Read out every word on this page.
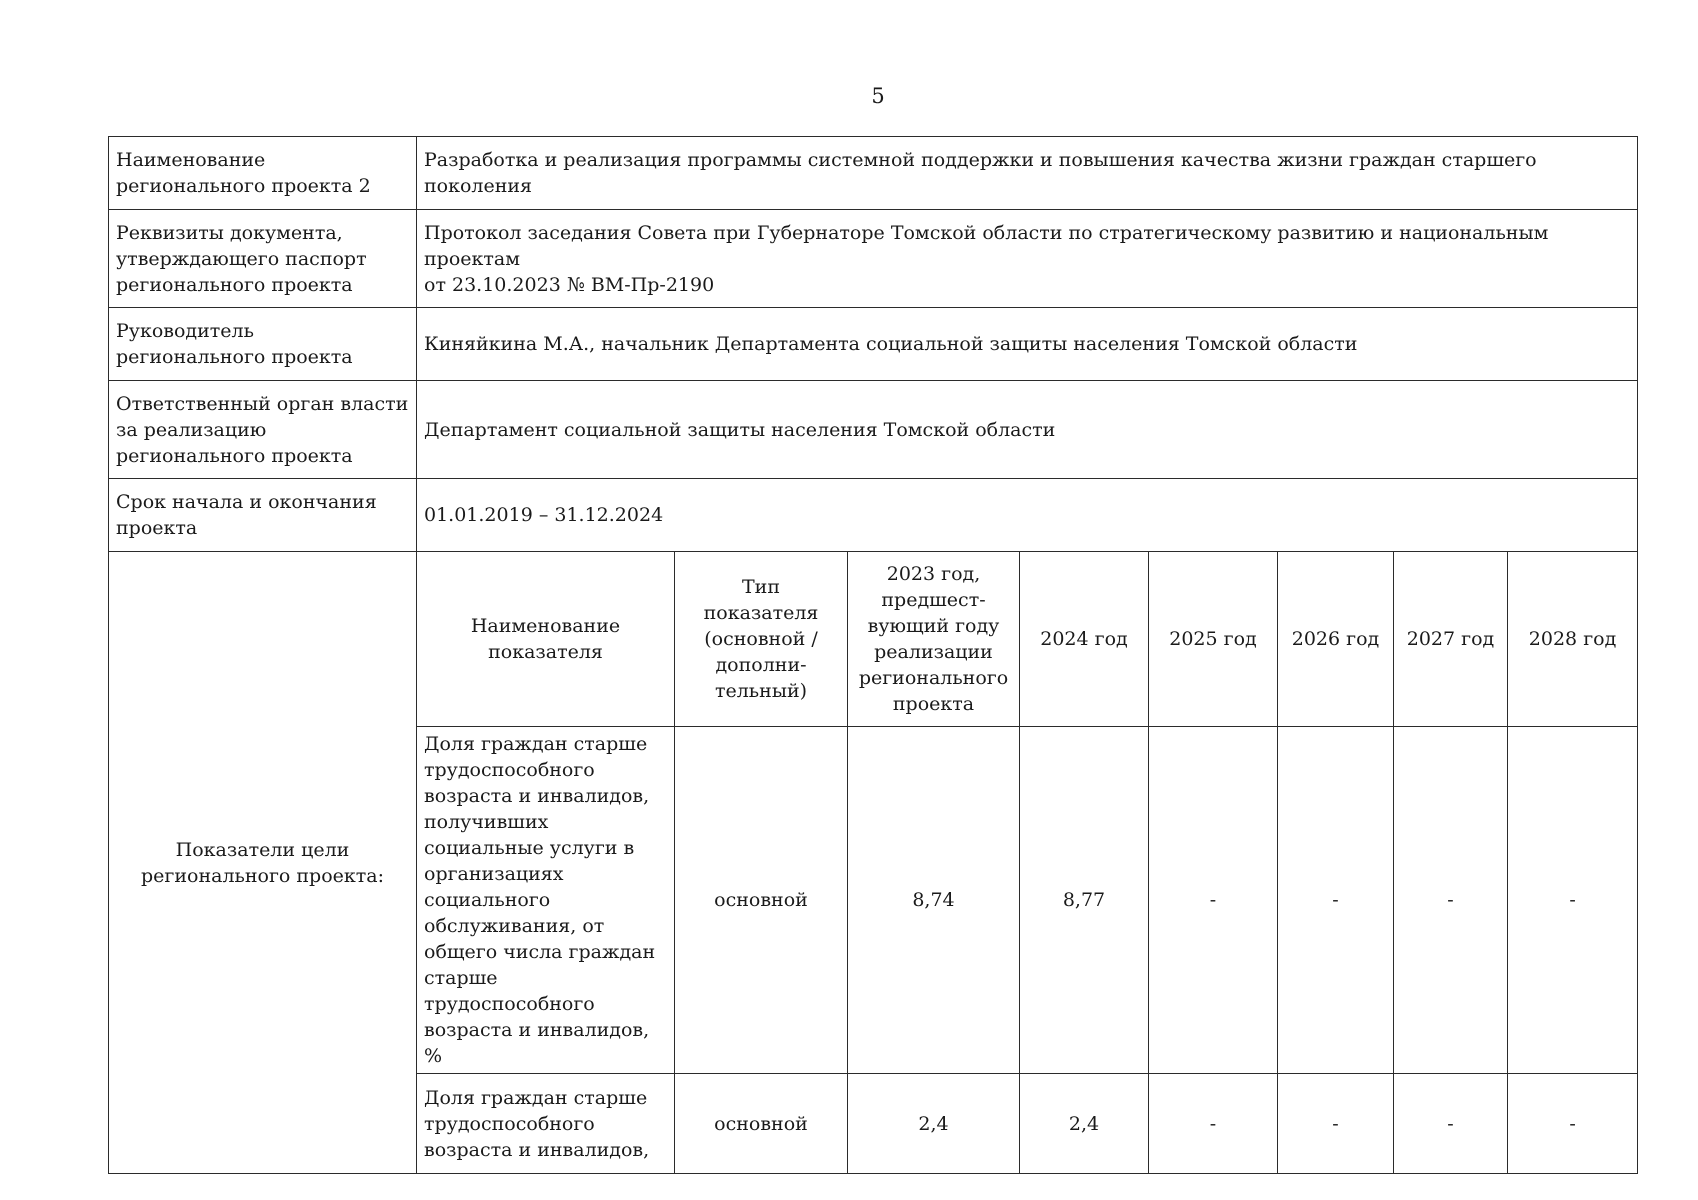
5
Наименование регионального проекта 2	Разработка и реализация программы системной поддержки и повышения качества жизни граждан старшего поколения							
Реквизиты документа, утверждающего паспорт регионального проекта	Протокол заседания Совета при Губернаторе Томской области по стратегическому развитию и национальным проектам
от 23.10.2023 № ВМ-Пр-2190							

Руководитель регионального проекта	Киняйкина М.А., начальник Департамента социальной защиты населения Томской области							
Ответственный орган власти за реализацию регионального проекта	Департамент социальной защиты населения Томской области							
Срок начала и окончания проекта	01.01.2019 – 31.12.2024							
Показатели цели регионального проекта:	Наименование показателя	Тип показателя (основной / дополни-тельный)	2023 год, предшест-вующий году реализации регионального проекта	2024 год	2025 год	2026 год	2027 год	2028 год
	Доля граждан старше трудоспособного возраста и инвалидов, получивших социальные услуги в организациях социального обслуживания, от общего числа граждан старше трудоспособного возраста и инвалидов, %	основной	8,74	8,77	-	-	-	-
	Доля граждан старше трудоспособного возраста и инвалидов,	основной	2,4	2,4	-	-	-	-
